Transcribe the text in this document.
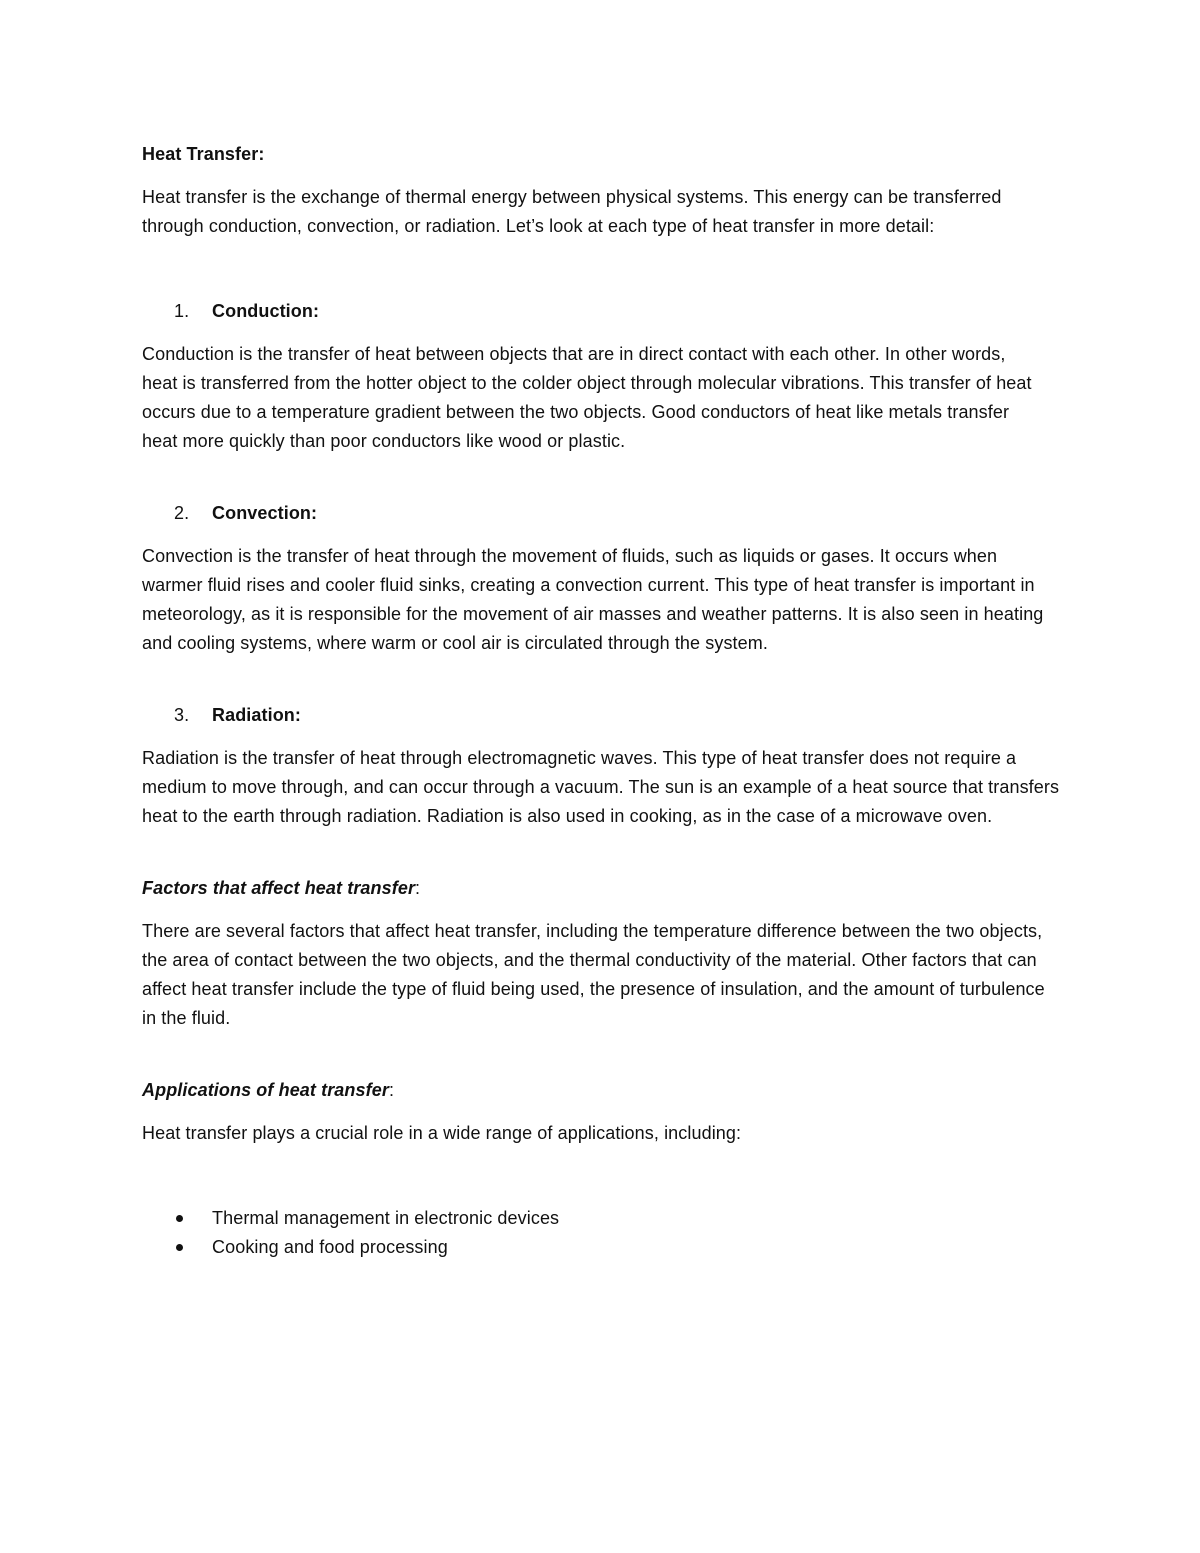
Heat Transfer:

Heat transfer is the exchange of thermal energy between physical systems. This energy can be transferred through conduction, convection, or radiation. Let’s look at each type of heat transfer in more detail:

1. Conduction:

Conduction is the transfer of heat between objects that are in direct contact with each other. In other words, heat is transferred from the hotter object to the colder object through molecular vibrations. This transfer of heat occurs due to a temperature gradient between the two objects. Good conductors of heat like metals transfer heat more quickly than poor conductors like wood or plastic.

2. Convection:

Convection is the transfer of heat through the movement of fluids, such as liquids or gases. It occurs when warmer fluid rises and cooler fluid sinks, creating a convection current. This type of heat transfer is important in meteorology, as it is responsible for the movement of air masses and weather patterns. It is also seen in heating and cooling systems, where warm or cool air is circulated through the system.

3. Radiation:

Radiation is the transfer of heat through electromagnetic waves. This type of heat transfer does not require a medium to move through, and can occur through a vacuum. The sun is an example of a heat source that transfers heat to the earth through radiation. Radiation is also used in cooking, as in the case of a microwave oven.

Factors that affect heat transfer:

There are several factors that affect heat transfer, including the temperature difference between the two objects, the area of contact between the two objects, and the thermal conductivity of the material. Other factors that can affect heat transfer include the type of fluid being used, the presence of insulation, and the amount of turbulence in the fluid.

Applications of heat transfer:

Heat transfer plays a crucial role in a wide range of applications, including:

Thermal management in electronic devices
Cooking and food processing
